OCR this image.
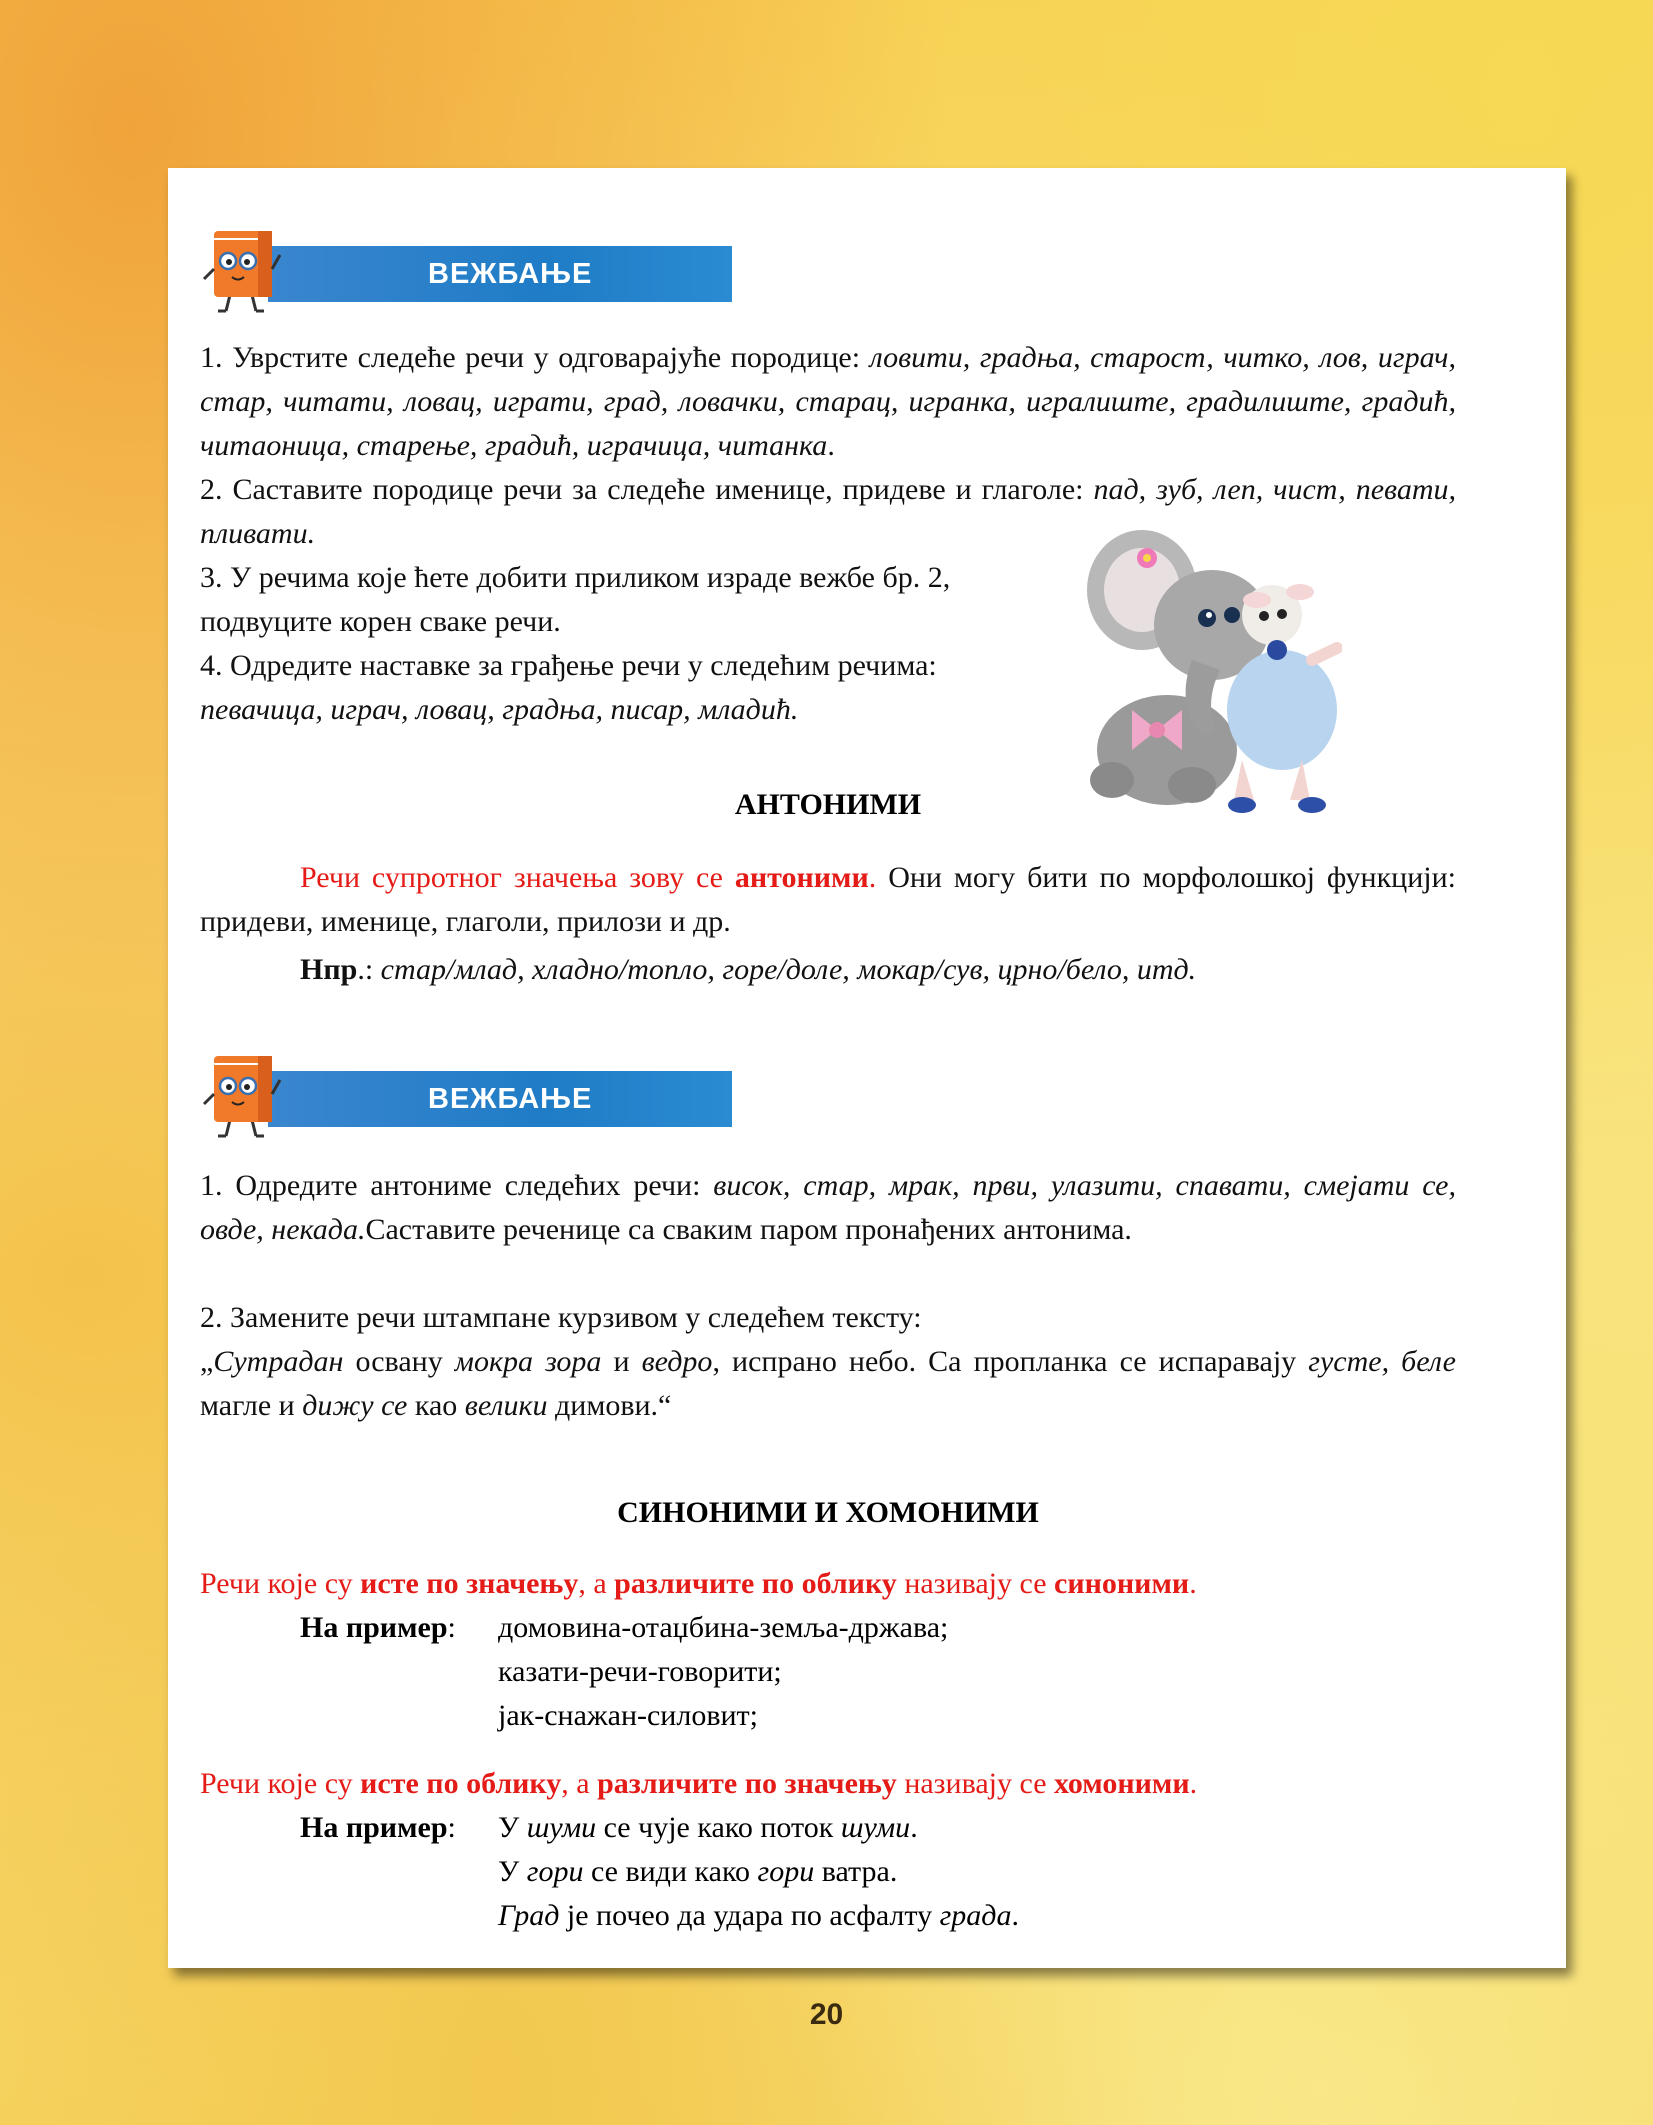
ВЕЖБАЊЕ
1. Уврстите следеће речи у одговарајуће породице: ловити, градња, старост, читко, лов, играч, стар, читати, ловац, играти, град, ловачки, старац, игранка, игралиште, градилиште, градић, читаоница, старење, градић, играчица, читанка.
2. Саставите породице речи за следеће именице, придеве и глаголе: пад, зуб, леп, чист, певати, пливати.
3. У речима које ћете добити приликом израде вежбе бр. 2,
подвуците корен сваке речи.
4. Одредите наставке за грађење речи у следећим речима:
певачица, играч, ловац, градња, писар, младић.
АНТОНИМИ
Речи супротног значења зову се антоними. Они могу бити по морфолошкој функцији: придеви, именице, глаголи, прилози и др.
Нпр.: стар/млад, хладно/топло, горе/доле, мокар/сув, црно/бело, итд.
ВЕЖБАЊЕ
1. Одредите антониме следећих речи: висок, стар, мрак, први, улазити, спавати, смејати се, овде, некада.Саставите реченице са сваким паром пронађених антонима.
2. Замените речи штампане курзивом у следећем тексту:
„Сутрадан освану мокра зора и ведро, испрано небо. Са пропланка се испаравају густе, беле магле и дижу се као велики димови.“
СИНОНИМИ И ХОМОНИМИ
Речи које су исте по значењу, а различите по облику називају се синоними.
На пример: домовина-отаџбина-земља-држава;
казати-речи-говорити;
јак-снажан-силовит;
Речи које су исте по облику, а различите по значењу називају се хомоними.
На пример: У шуми се чује како поток шуми.
У гори се види како гори ватра.
Град је почео да удара по асфалту града.
20
